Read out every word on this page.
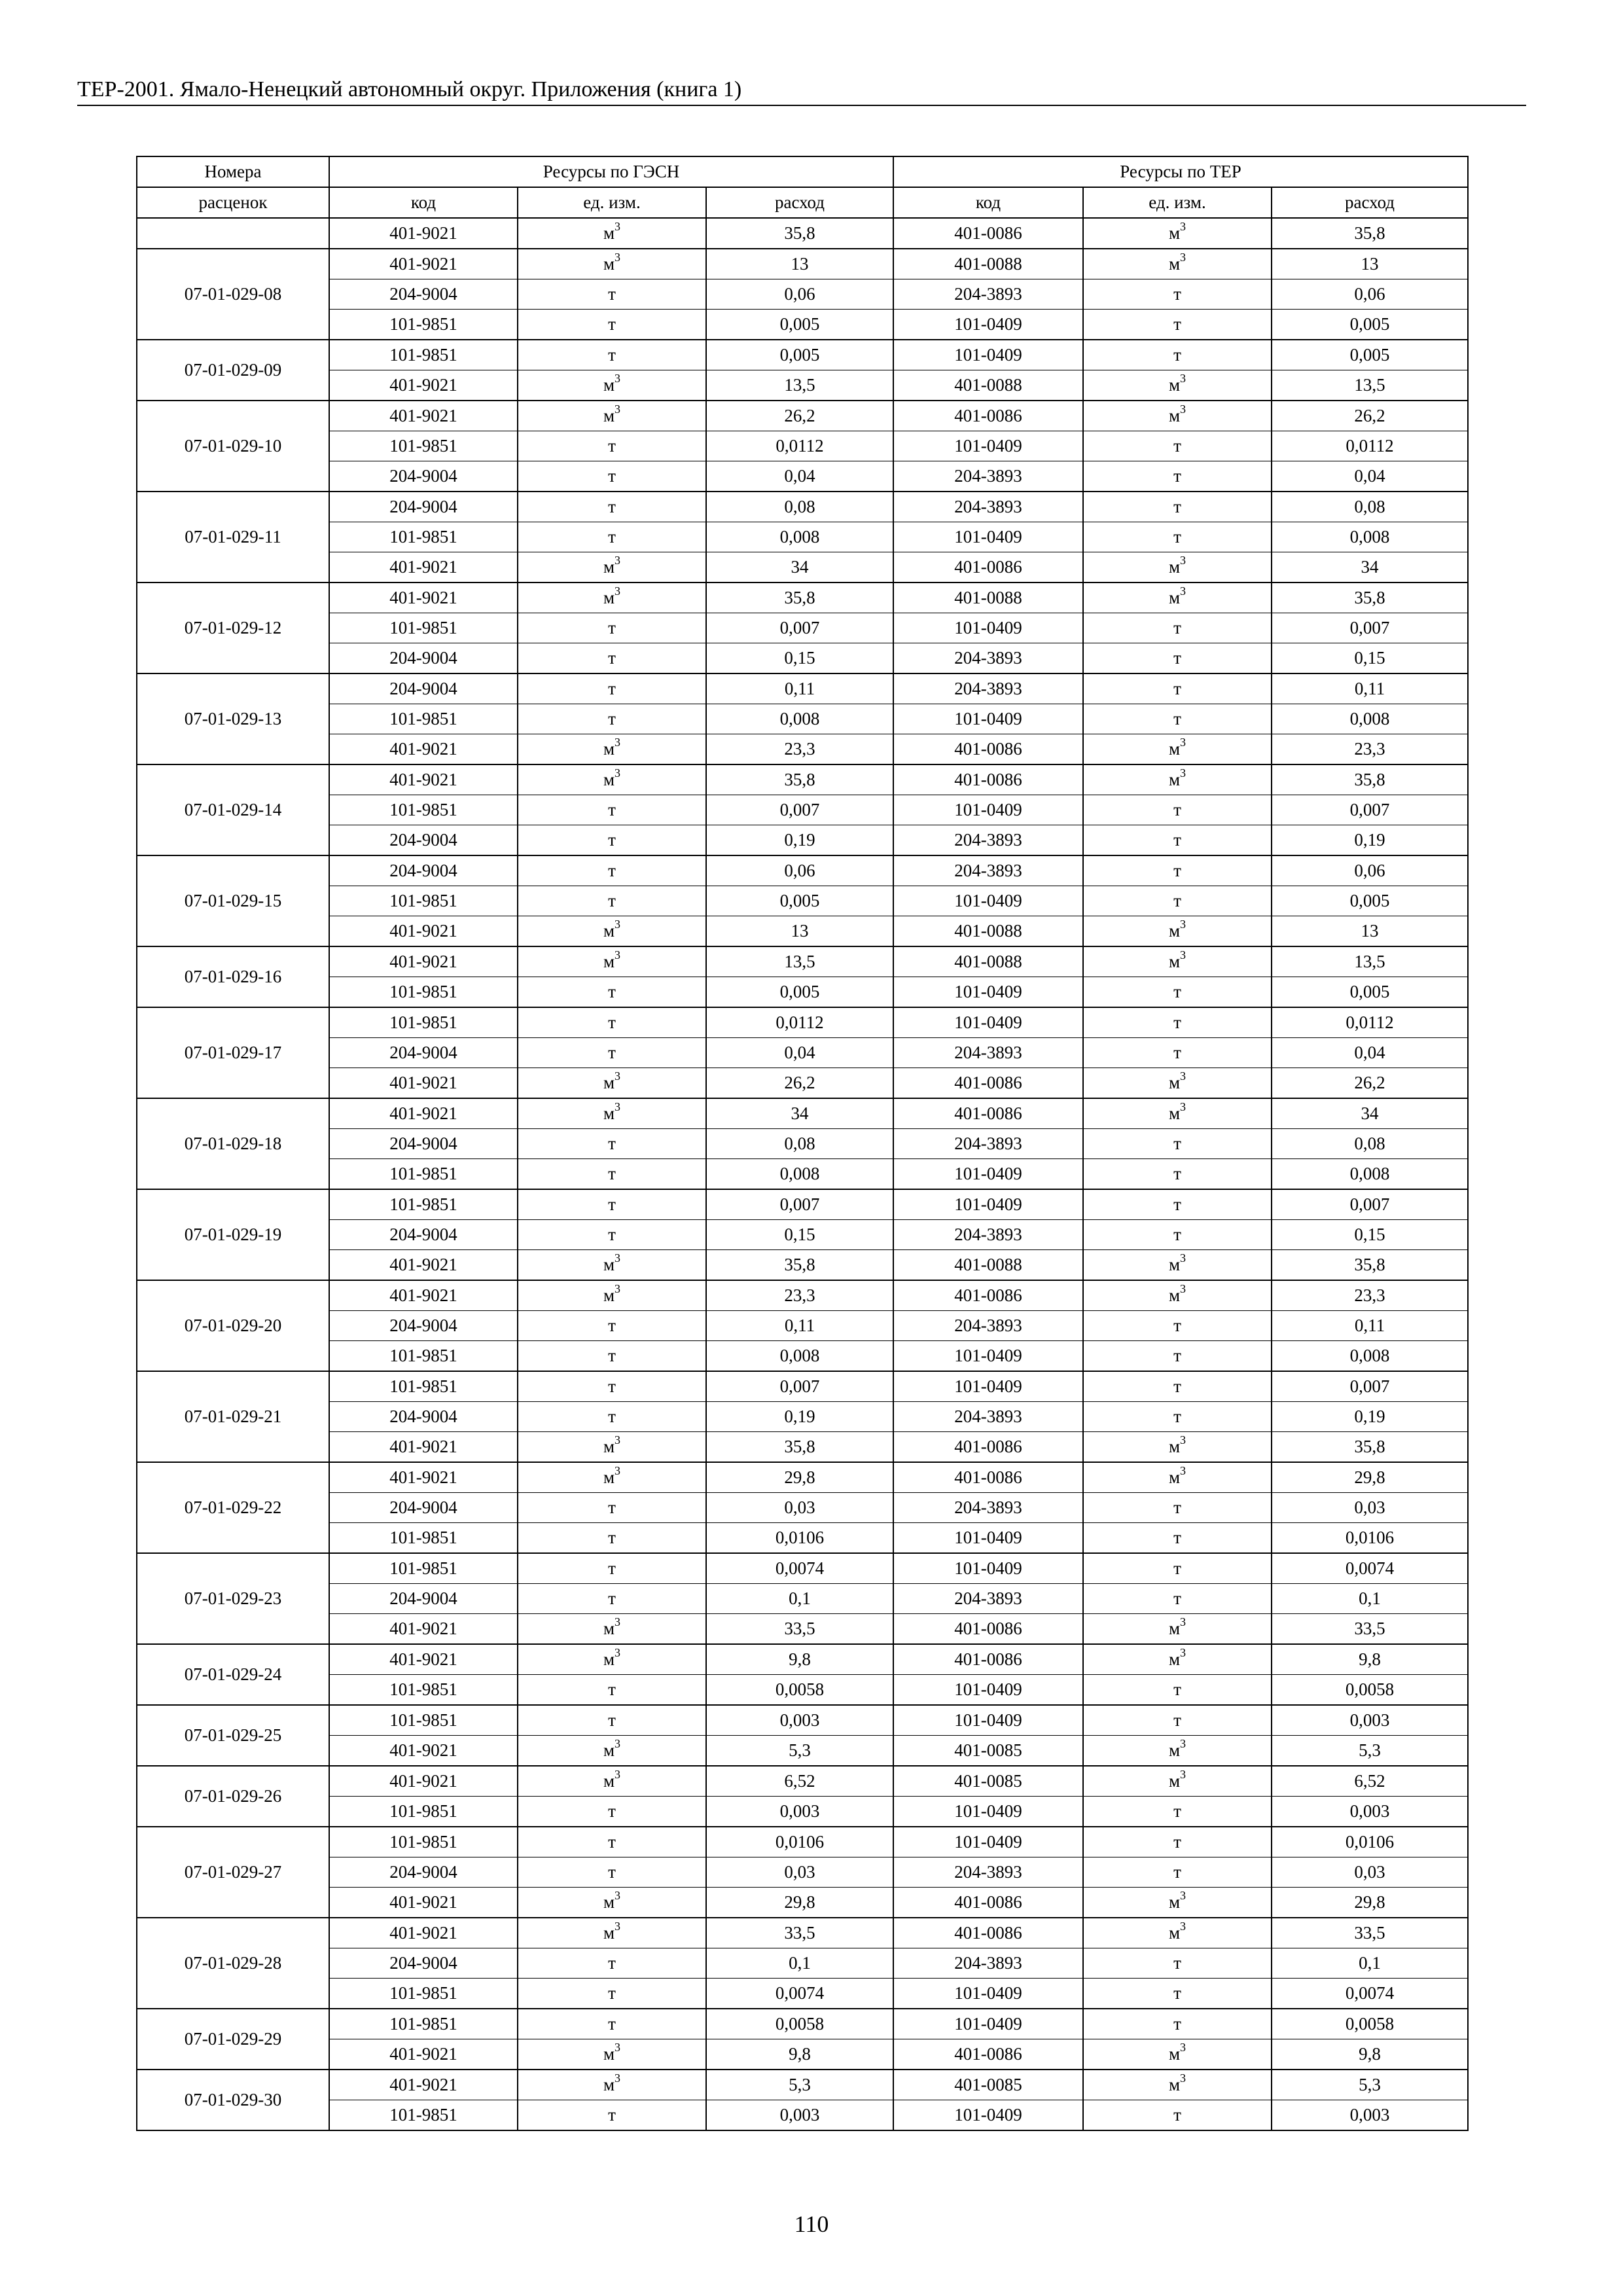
ТЕР-2001. Ямало-Ненецкий автономный округ. Приложения (книга 1)
Номера	Ресурсы по ГЭСН			Ресурсы по ТЕР		
расценок	код	ед. изм.	расход	код	ед. изм.	расход
	401-9021	$м^3$	35,8	401-0086	$м^3$	35,8
07-01-029-08	401-9021	$м^3$	13	401-0088	$м^3$	13
	204-9004	т	0,06	204-3893	т	0,06
	101-9851	т	0,005	101-0409	т	0,005
07-01-029-09	101-9851	т	0,005	101-0409	т	0,005
	401-9021	$м^3$	13,5	401-0088	$м^3$	13,5
07-01-029-10	401-9021	$м^3$	26,2	401-0086	$м^3$	26,2
	101-9851	т	0,0112	101-0409	т	0,0112
	204-9004	т	0,04	204-3893	т	0,04
07-01-029-11	204-9004	т	0,08	204-3893	т	0,08
	101-9851	т	0,008	101-0409	т	0,008
	401-9021	$м^3$	34	401-0086	$м^3$	34
07-01-029-12	401-9021	$м^3$	35,8	401-0088	$м^3$	35,8
	101-9851	т	0,007	101-0409	т	0,007
	204-9004	т	0,15	204-3893	т	0,15
07-01-029-13	204-9004	т	0,11	204-3893	т	0,11
	101-9851	т	0,008	101-0409	т	0,008
	401-9021	$м^3$	23,3	401-0086	$м^3$	23,3
07-01-029-14	401-9021	$м^3$	35,8	401-0086	$м^3$	35,8
	101-9851	т	0,007	101-0409	т	0,007
	204-9004	т	0,19	204-3893	т	0,19
07-01-029-15	204-9004	т	0,06	204-3893	т	0,06
	101-9851	т	0,005	101-0409	т	0,005
	401-9021	$м^3$	13	401-0088	$м^3$	13
07-01-029-16	401-9021	$м^3$	13,5	401-0088	$м^3$	13,5
	101-9851	т	0,005	101-0409	т	0,005
07-01-029-17	101-9851	т	0,0112	101-0409	т	0,0112
	204-9004	т	0,04	204-3893	т	0,04
	401-9021	$м^3$	26,2	401-0086	$м^3$	26,2
07-01-029-18	401-9021	$м^3$	34	401-0086	$м^3$	34
	204-9004	т	0,08	204-3893	т	0,08
	101-9851	т	0,008	101-0409	т	0,008
07-01-029-19	101-9851	т	0,007	101-0409	т	0,007
	204-9004	т	0,15	204-3893	т	0,15
	401-9021	$м^3$	35,8	401-0088	$м^3$	35,8
07-01-029-20	401-9021	$м^3$	23,3	401-0086	$м^3$	23,3
	204-9004	т	0,11	204-3893	т	0,11
	101-9851	т	0,008	101-0409	т	0,008
07-01-029-21	101-9851	т	0,007	101-0409	т	0,007
	204-9004	т	0,19	204-3893	т	0,19
	401-9021	$м^3$	35,8	401-0086	$м^3$	35,8
07-01-029-22	401-9021	$м^3$	29,8	401-0086	$м^3$	29,8
	204-9004	т	0,03	204-3893	т	0,03
	101-9851	т	0,0106	101-0409	т	0,0106
07-01-029-23	101-9851	т	0,0074	101-0409	т	0,0074
	204-9004	т	0,1	204-3893	т	0,1
	401-9021	$м^3$	33,5	401-0086	$м^3$	33,5
07-01-029-24	401-9021	$м^3$	9,8	401-0086	$м^3$	9,8
	101-9851	т	0,0058	101-0409	т	0,0058
07-01-029-25	101-9851	т	0,003	101-0409	т	0,003
	401-9021	$м^3$	5,3	401-0085	$м^3$	5,3
07-01-029-26	401-9021	$м^3$	6,52	401-0085	$м^3$	6,52
	101-9851	т	0,003	101-0409	т	0,003
07-01-029-27	101-9851	т	0,0106	101-0409	т	0,0106
	204-9004	т	0,03	204-3893	т	0,03
	401-9021	$м^3$	29,8	401-0086	$м^3$	29,8
07-01-029-28	401-9021	$м^3$	33,5	401-0086	$м^3$	33,5
	204-9004	т	0,1	204-3893	т	0,1
	101-9851	т	0,0074	101-0409	т	0,0074
07-01-029-29	101-9851	т	0,0058	101-0409	т	0,0058
	401-9021	$м^3$	9,8	401-0086	$м^3$	9,8
07-01-029-30	401-9021	$м^3$	5,3	401-0085	$м^3$	5,3
	101-9851	т	0,003	101-0409	т	0,003
110
